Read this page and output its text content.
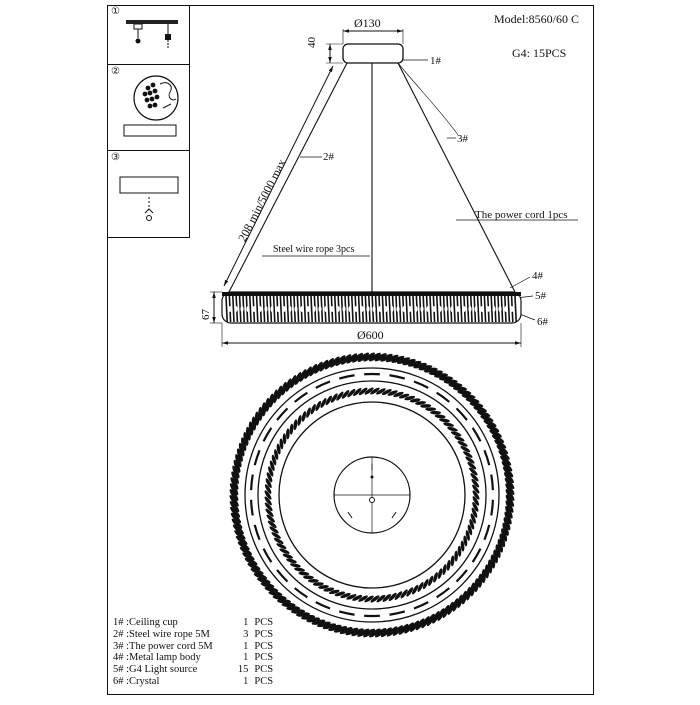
①
②
③
Model:8560/60 C
G4: 15PCS
Ø130
40
208 min/5000 max
67
Ø600
1#
2#
3#
The power cord 1pcs
Steel wire rope 3pcs
4#
5#
6#
1# :Ceiling cup	1 PCS
2# :Steel wire rope 5M	3 PCS
3# :The power cord 5M	1 PCS
4# :Metal lamp body	1 PCS
5# :G4 Light source	15 PCS
6# :Crystal	1 PCS
